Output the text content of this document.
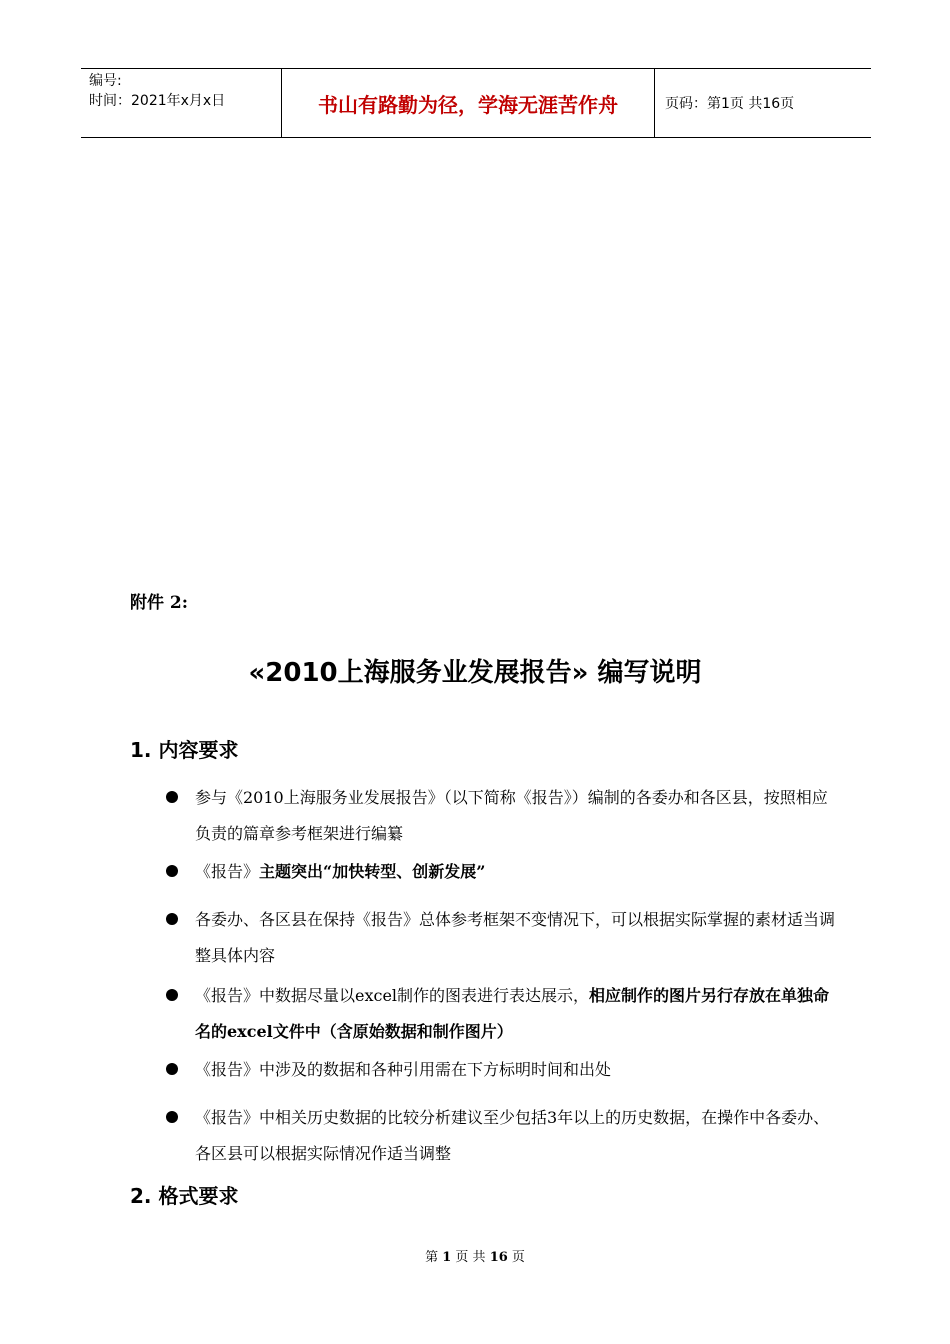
编号:
时间：2021年x月x日	书山有路勤为径，学海无涯苦作舟	页码：第1页 共16页
附件 2:
«2010上海服务业发展报告» 编写说明
1. 内容要求
参与《2010上海服务业发展报告》（以下简称《报告》）编制的各委办和各区县，按照相应负责的篇章参考框架进行编纂
《报告》主题突出“加快转型、创新发展”
各委办、各区县在保持《报告》总体参考框架不变情况下，可以根据实际掌握的素材适当调整具体内容
《报告》中数据尽量以excel制作的图表进行表达展示，相应制作的图片另行存放在单独命名的excel文件中（含原始数据和制作图片）
《报告》中涉及的数据和各种引用需在下方标明时间和出处
《报告》中相关历史数据的比较分析建议至少包括3年以上的历史数据，在操作中各委办、各区县可以根据实际情况作适当调整
2. 格式要求
第 1 页 共 16 页
